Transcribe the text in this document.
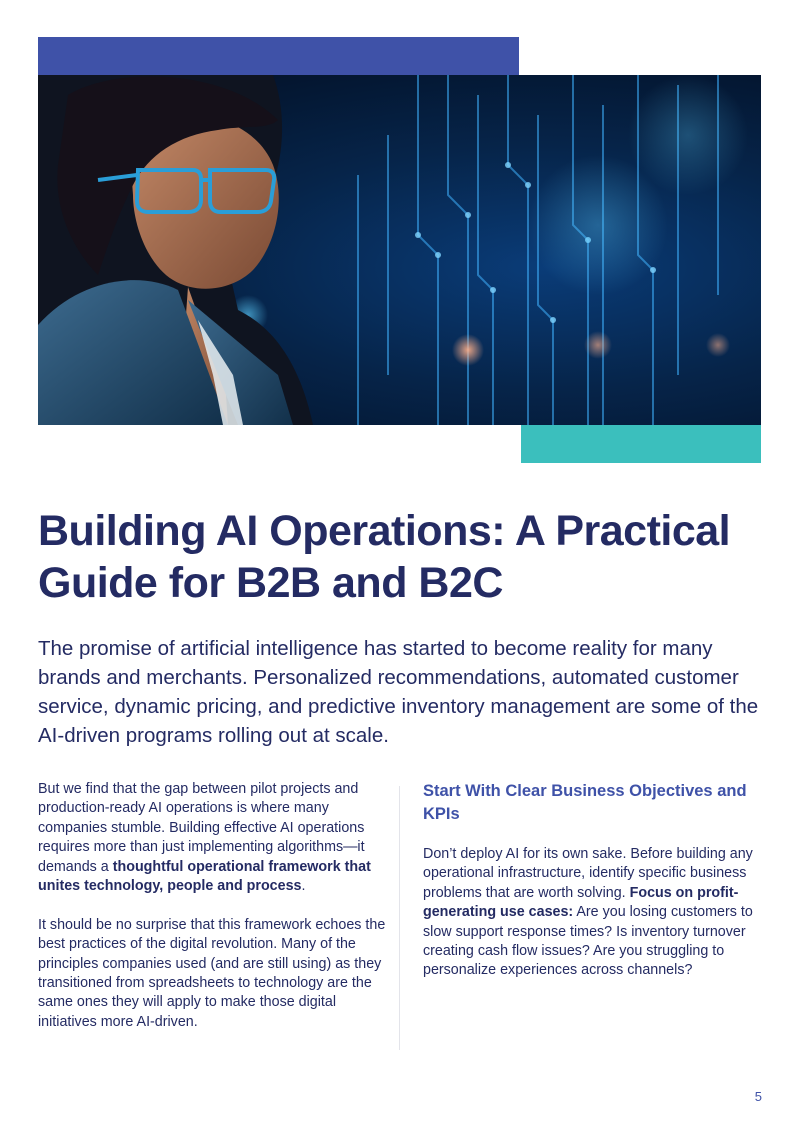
Building AI Operations: A Practical Guide for B2B and B2C

The promise of artificial intelligence has started to become reality for many brands and merchants. Personalized recommendations, automated customer service, dynamic pricing, and predictive inventory management are some of the AI-driven programs rolling out at scale.

But we find that the gap between pilot projects and production-ready AI operations is where many companies stumble. Building effective AI operations requires more than just implementing algorithms—it demands a thoughtful operational framework that unites technology, people and process.

It should be no surprise that this framework echoes the best practices of the digital revolution. Many of the principles companies used (and are still using) as they transitioned from spreadsheets to technology are the same ones they will apply to make those digital initiatives more AI-driven.

Start With Clear Business Objectives and KPIs

Don’t deploy AI for its own sake. Before building any operational infrastructure, identify specific business problems that are worth solving. Focus on profit-generating use cases: Are you losing customers to slow support response times? Is inventory turnover creating cash flow issues? Are you struggling to personalize experiences across channels?

5
